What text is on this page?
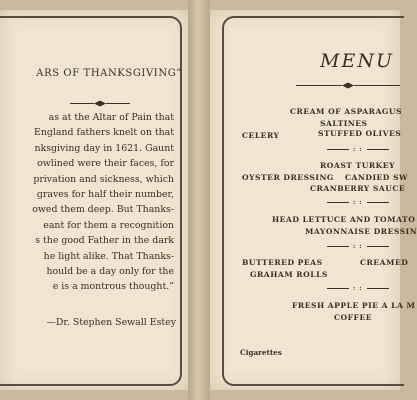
ARS OF THANKSGIVING”
as at the Altar of Pain that
England fathers knelt on that
nksgiving day in 1621. Gaunt
owlined were their faces, for
privation and sickness, which
graves for half their number,
owed them deep. But Thanks-
eant for them a recognition
s the good Father in the dark
he light alike. That Thanks-
hould be a day only for the
e is a montrous thought.”
—Dr. Stephen Sewall Estey
MENU
CREAM OF ASPARAGUS
SALTINES
CELERY	STUFFED OLIVES
: :
ROAST TURKEY
OYSTER DRESSING CANDIED SW
CRANBERRY SAUCE
: :
HEAD LETTUCE AND TOMATO
MAYONNAISE DRESSIN
: :
BUTTERED PEAS	CREAMED
GRAHAM ROLLS
: :
FRESH APPLE PIE A LA M
COFFEE
Cigarettes
